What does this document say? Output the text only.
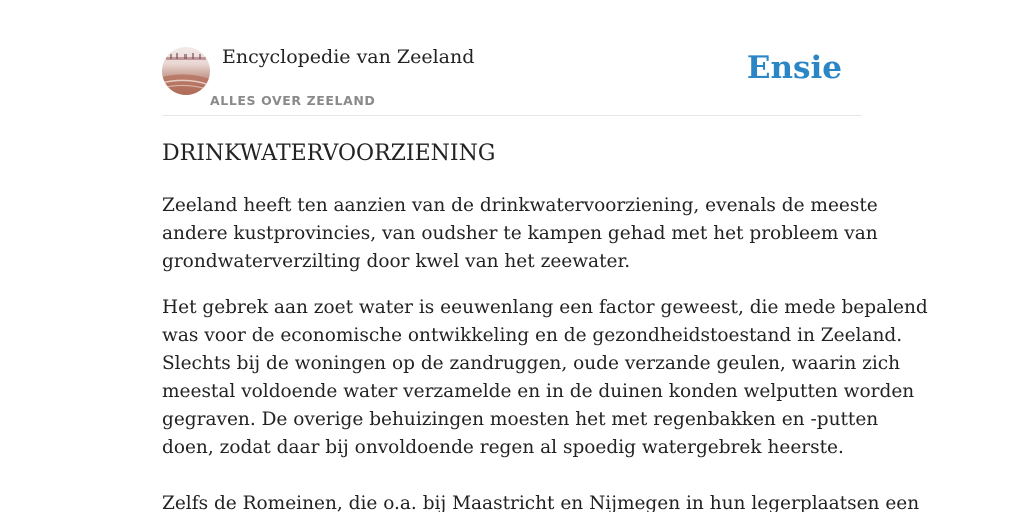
Encyclopedie van Zeeland
ALLES OVER ZEELAND
Ensie
DRINKWATERVOORZIENING

Zeeland heeft ten aanzien van de drinkwatervoorziening, evenals de meeste
andere kustprovincies, van oudsher te kampen gehad met het probleem van
grondwaterverzilting door kwel van het zeewater.

Het gebrek aan zoet water is eeuwenlang een factor geweest, die mede bepalend
was voor de economische ontwikkeling en de gezondheidstoestand in Zeeland.
Slechts bij de woningen op de zandruggen, oude verzande geulen, waarin zich
meestal voldoende water verzamelde en in de duinen konden welputten worden
gegraven. De overige behuizingen moesten het met regenbakken en -putten
doen, zodat daar bij onvoldoende regen al spoedig watergebrek heerste.

Zelfs de Romeinen, die o.a. bij Maastricht en Nijmegen in hun legerplaatsen een
